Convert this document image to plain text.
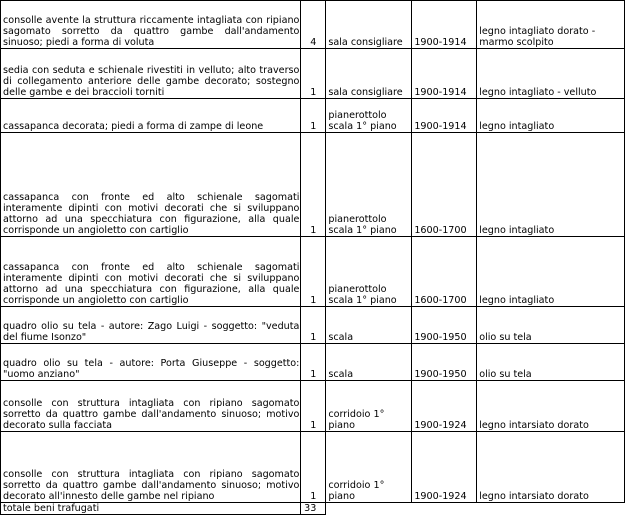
consolle avente la struttura riccamente intagliata con ripiano sagomato sorretto da quattro gambe dall'andamento sinuoso; piedi a forma di voluta	4	sala consigliare	1900-1914	legno intagliato dorato - marmo scolpito
sedia con seduta e schienale rivestiti in velluto; alto traverso di collegamento anteriore delle gambe decorato; sostegno delle gambe e dei braccioli torniti	1	sala consigliare	1900-1914	legno intagliato - velluto
cassapanca decorata; piedi a forma di zampe di leone	1	pianerottolo scala 1° piano	1900-1914	legno intagliato
cassapanca con fronte ed alto schienale sagomati interamente dipinti con motivi decorati che si sviluppano attorno ad una specchiatura con figurazione, alla quale corrisponde un angioletto con cartiglio	1	pianerottolo scala 1° piano	1600-1700	legno intagliato
cassapanca con fronte ed alto schienale sagomati interamente dipinti con motivi decorati che si sviluppano attorno ad una specchiatura con figurazione, alla quale corrisponde un angioletto con cartiglio	1	pianerottolo scala 1° piano	1600-1700	legno intagliato
quadro olio su tela - autore: Zago Luigi - soggetto: "veduta del fiume Isonzo"	1	scala	1900-1950	olio su tela
quadro olio su tela - autore: Porta Giuseppe - soggetto: "uomo anziano"	1	scala	1900-1950	olio su tela
consolle con struttura intagliata con ripiano sagomato sorretto da quattro gambe dall'andamento sinuoso; motivo decorato sulla facciata	1	corridoio 1° piano	1900-1924	legno intarsiato dorato
consolle con struttura intagliata con ripiano sagomato sorretto da quattro gambe dall'andamento sinuoso; motivo decorato all'innesto delle gambe nel ripiano	1	corridoio 1° piano	1900-1924	legno intarsiato dorato
totale beni trafugati	33			
